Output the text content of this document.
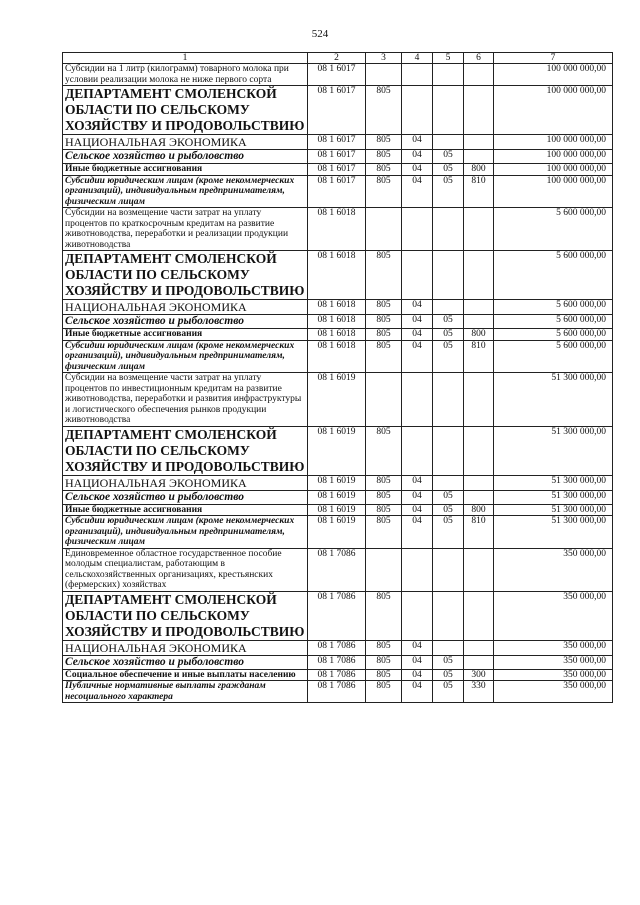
524
1	2	3	4	5	6	7
Субсидии на 1 литр (килограмм) товарного молока при условии реализации молока не ниже первого сорта	08 1 6017					100 000 000,00
ДЕПАРТАМЕНТ СМОЛЕНСКОЙ ОБЛАСТИ ПО СЕЛЬСКОМУ ХОЗЯЙСТВУ И ПРОДОВОЛЬСТВИЮ	08 1 6017	805				100 000 000,00
НАЦИОНАЛЬНАЯ ЭКОНОМИКА	08 1 6017	805	04			100 000 000,00
Сельское хозяйство и рыболовство	08 1 6017	805	04	05		100 000 000,00
Иные бюджетные ассигнования	08 1 6017	805	04	05	800	100 000 000,00
Субсидии юридическим лицам (кроме некоммерческих организаций), индивидуальным предпринимателям, физическим лицам	08 1 6017	805	04	05	810	100 000 000,00
Субсидии на возмещение части затрат на уплату процентов по краткосрочным кредитам на развитие животноводства, переработки и реализации продукции животноводства	08 1 6018					5 600 000,00
ДЕПАРТАМЕНТ СМОЛЕНСКОЙ ОБЛАСТИ ПО СЕЛЬСКОМУ ХОЗЯЙСТВУ И ПРОДОВОЛЬСТВИЮ	08 1 6018	805				5 600 000,00
НАЦИОНАЛЬНАЯ ЭКОНОМИКА	08 1 6018	805	04			5 600 000,00
Сельское хозяйство и рыболовство	08 1 6018	805	04	05		5 600 000,00
Иные бюджетные ассигнования	08 1 6018	805	04	05	800	5 600 000,00
Субсидии юридическим лицам (кроме некоммерческих организаций), индивидуальным предпринимателям, физическим лицам	08 1 6018	805	04	05	810	5 600 000,00
Субсидии на возмещение части затрат на уплату процентов по инвестиционным кредитам на развитие животноводства, переработки и развития инфраструктуры и логистического обеспечения рынков продукции животноводства	08 1 6019					51 300 000,00
ДЕПАРТАМЕНТ СМОЛЕНСКОЙ ОБЛАСТИ ПО СЕЛЬСКОМУ ХОЗЯЙСТВУ И ПРОДОВОЛЬСТВИЮ	08 1 6019	805				51 300 000,00
НАЦИОНАЛЬНАЯ ЭКОНОМИКА	08 1 6019	805	04			51 300 000,00
Сельское хозяйство и рыболовство	08 1 6019	805	04	05		51 300 000,00
Иные бюджетные ассигнования	08 1 6019	805	04	05	800	51 300 000,00
Субсидии юридическим лицам (кроме некоммерческих организаций), индивидуальным предпринимателям, физическим лицам	08 1 6019	805	04	05	810	51 300 000,00
Единовременное областное государственное пособие молодым специалистам, работающим в сельскохозяйственных организациях, крестьянских (фермерских) хозяйствах	08 1 7086					350 000,00
ДЕПАРТАМЕНТ СМОЛЕНСКОЙ ОБЛАСТИ ПО СЕЛЬСКОМУ ХОЗЯЙСТВУ И ПРОДОВОЛЬСТВИЮ	08 1 7086	805				350 000,00
НАЦИОНАЛЬНАЯ ЭКОНОМИКА	08 1 7086	805	04			350 000,00
Сельское хозяйство и рыболовство	08 1 7086	805	04	05		350 000,00
Социальное обеспечение и иные выплаты населению	08 1 7086	805	04	05	300	350 000,00
Публичные нормативные выплаты гражданам несоциального характера	08 1 7086	805	04	05	330	350 000,00
